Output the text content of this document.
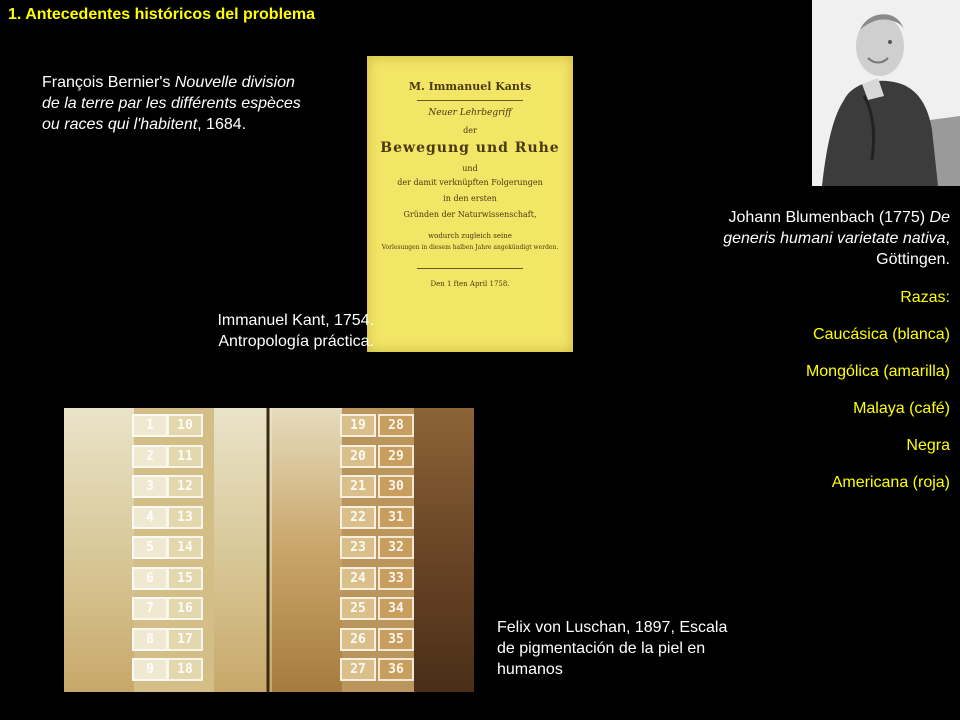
1. Antecedentes históricos del problema
François Bernier's Nouvelle division de la terre par les différents espèces ou races qui l'habitent, 1684.
M. Immanuel Kants
Neuer Lehrbegriff
der
Bewegung und Ruhe
und
der damit verknüpften Folgerungen
in den ersten
Gründen der Naturwissenschaft,
wodurch zugleich seine
Vorlesungen in diesem halben Jahre angekündigt werden.
Den 1 ften April 1758.
Immanuel Kant, 1754.
Antropología práctica.
Johann Blumenbach (1775) De generis humani varietate nativa, Göttingen.
Razas:
Caucásica (blanca)
Mongólica (amarilla)
Malaya (café)
Negra
Americana (roja)
1
2
3
4
5
6
7
8
9
10
11
12
13
14
15
16
17
18
19
20
21
22
23
24
25
26
27
28
29
30
31
32
33
34
35
36
Felix von Luschan, 1897, Escala de pigmentación de la piel en humanos
